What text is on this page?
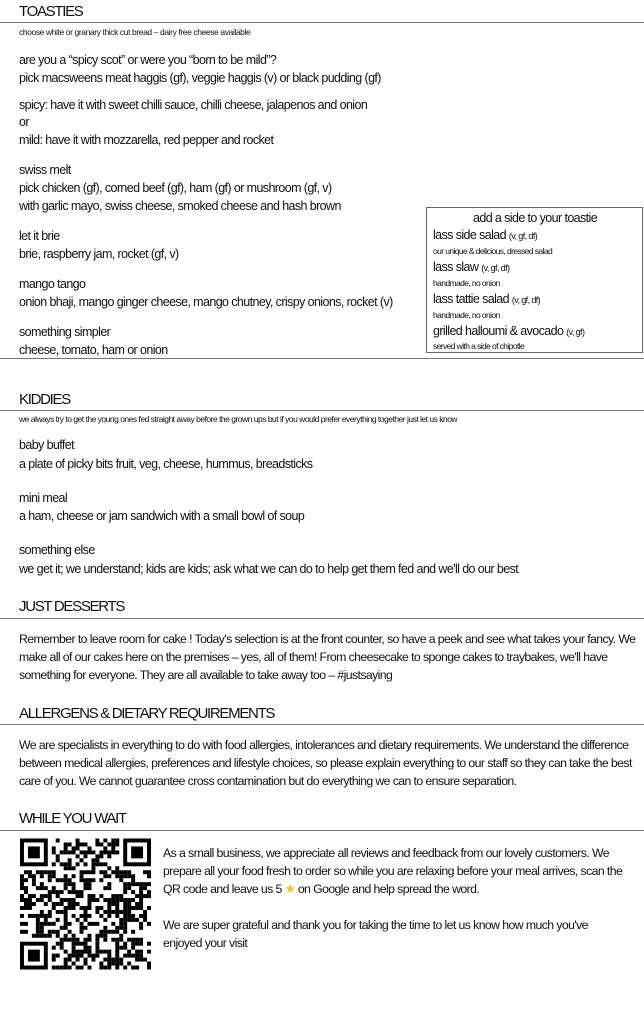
TOASTIES
choose white or granary thick cut bread – dairy free cheese available
are you a “spicy scot” or were you “born to be mild”?
pick macsweens meat haggis (gf), veggie haggis (v) or black pudding (gf)
spicy: have it with sweet chilli sauce, chilli cheese, jalapenos and onion
or
mild: have it with mozzarella, red pepper and rocket
swiss melt
pick chicken (gf), corned beef (gf), ham (gf) or mushroom (gf, v)
with garlic mayo, swiss cheese, smoked cheese and hash brown
let it brie
brie, raspberry jam, rocket (gf, v)
mango tango
onion bhaji, mango ginger cheese, mango chutney, crispy onions, rocket (v)
something simpler
cheese, tomato, ham or onion
add a side to your toastie
lass side salad (v, gf, df)
our unique & delicious, dressed salad
lass slaw (v, gf, df)
handmade, no onion
lass tattie salad (v, gf, df)
handmade, no onion
grilled halloumi & avocado (v, gf)
served with a side of chipotle
KIDDIES
we always try to get the young ones fed straight away before the grown ups but if you would prefer everything together just let us know
baby buffet
a plate of picky bits fruit, veg, cheese, hummus, breadsticks
mini meal
a ham, cheese or jam sandwich with a small bowl of soup
something else
we get it; we understand; kids are kids; ask what we can do to help get them fed and we'll do our best
JUST DESSERTS
Remember to leave room for cake ! Today's selection is at the front counter, so have a peek and see what takes your fancy. We make all of our cakes here on the premises – yes, all of them! From cheesecake to sponge cakes to traybakes, we'll have something for everyone. They are all available to take away too – #justsaying
ALLERGENS & DIETARY REQUIREMENTS
We are specialists in everything to do with food allergies, intolerances and dietary requirements. We understand the difference between medical allergies, preferences and lifestyle choices, so please explain everything to our staff so they can take the best care of you. We cannot guarantee cross contamination but do everything we can to ensure separation.
WHILE YOU WAIT
As a small business, we appreciate all reviews and feedback from our lovely customers. We prepare all your food fresh to order so while you are relaxing before your meal arrives, scan the QR code and leave us 5 ★ on Google and help spread the word.
We are super grateful and thank you for taking the time to let us know how much you've enjoyed your visit
